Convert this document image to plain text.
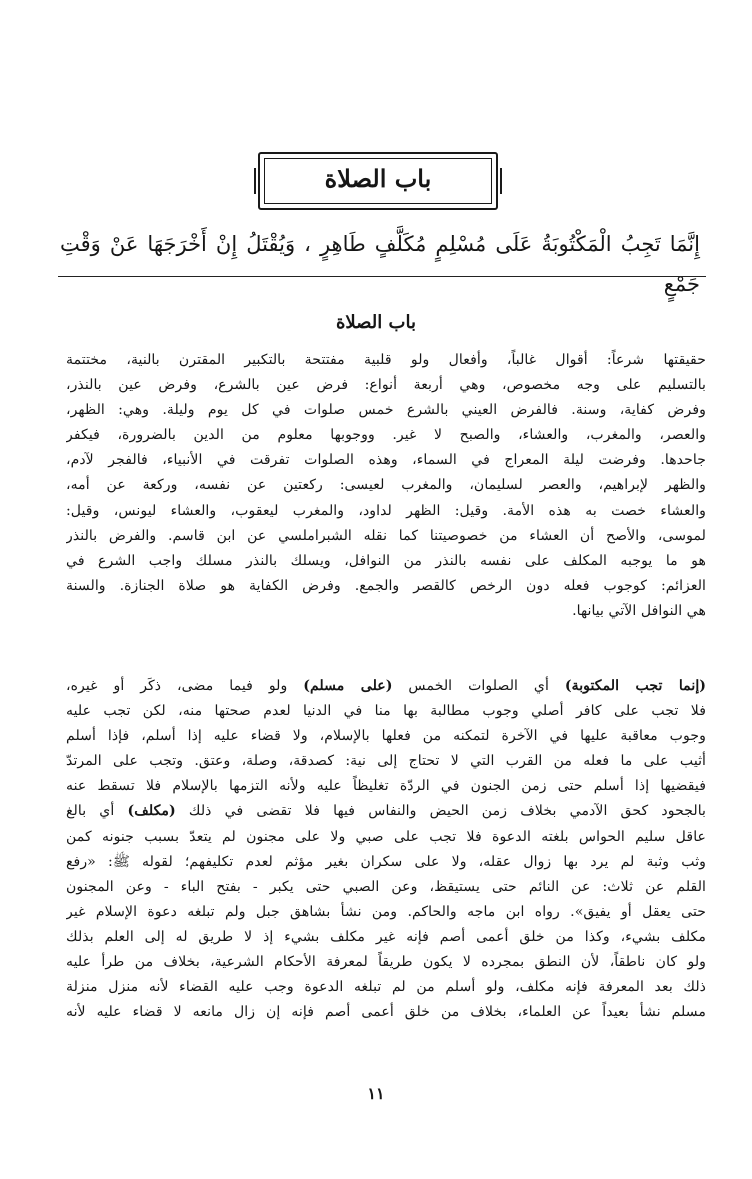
باب الصلاة
إِنَّمَا تَجِبُ الْمَكْتُوبَةُ عَلَى مُسْلِمٍ مُكَلَّفٍ طَاهِرٍ ، وَيُقْتَلُ إِنْ أَخْرَجَهَا عَنْ وَقْتِ جَمْعٍ
باب الصلاة
حقيقتها شرعاً: أقوال غالباً، وأفعال ولو قلبية مفتتحة بالتكبير المقترن بالنية، مختتمة
بالتسليم على وجه مخصوص، وهي أربعة أنواع: فرض عين بالشرع، وفرض عين بالنذر،
وفرض كفاية، وسنة. فالفرض العيني بالشرع خمس صلوات في كل يوم وليلة. وهي: الظهر،
والعصر، والمغرب، والعشاء، والصبح لا غير. ووجوبها معلوم من الدين بالضرورة، فيكفر
جاحدها. وفرضت ليلة المعراج في السماء، وهذه الصلوات تفرقت في الأنبياء، فالفجر لآدم،
والظهر لإبراهيم، والعصر لسليمان، والمغرب لعيسى: ركعتين عن نفسه، وركعة عن أمه،
والعشاء خصت به هذه الأمة. وقيل: الظهر لداود، والمغرب ليعقوب، والعشاء ليونس، وقيل:
لموسى، والأصح أن العشاء من خصوصيتنا كما نقله الشبراملسي عن ابن قاسم. والفرض بالنذر
هو ما يوجبه المكلف على نفسه بالنذر من النوافل، ويسلك بالنذر مسلك واجب الشرع في
العزائم: كوجوب فعله دون الرخص كالقصر والجمع. وفرض الكفاية هو صلاة الجنازة. والسنة
هي النوافل الآتي بيانها.
(إنما تجب المكتوبة) أي الصلوات الخمس (على مسلم) ولو فيما مضى، ذكَر أو غيره،
فلا تجب على كافر أصلي وجوب مطالبة بها منا في الدنيا لعدم صحتها منه، لكن تجب عليه
وجوب معاقبة عليها في الآخرة لتمكنه من فعلها بالإسلام، ولا قضاء عليه إذا أسلم، فإذا أسلم
أثيب على ما فعله من القرب التي لا تحتاج إلى نية: كصدقة، وصلة، وعتق. وتجب على المرتدّ
فيقضيها إذا أسلم حتى زمن الجنون في الردّة تغليظاً عليه ولأنه التزمها بالإسلام فلا تسقط عنه
بالجحود كحق الآدمي بخلاف زمن الحيض والنفاس فيها فلا تقضى في ذلك (مكلف) أي بالغ
عاقل سليم الحواس بلغته الدعوة فلا تجب على صبي ولا على مجنون لم يتعدّ بسبب جنونه كمن
وثب وثبة لم يرد بها زوال عقله، ولا على سكران بغير مؤثم لعدم تكليفهم؛ لقوله ﷺ: «رفع
القلم عن ثلاث: عن النائم حتى يستيقظ، وعن الصبي حتى يكبر - بفتح الباء - وعن المجنون
حتى يعقل أو يفيق». رواه ابن ماجه والحاكم. ومن نشأ بشاهق جبل ولم تبلغه دعوة الإسلام غير
مكلف بشيء، وكذا من خلق أعمى أصم فإنه غير مكلف بشيء إذ لا طريق له إلى العلم بذلك
ولو كان ناطقاً، لأن النطق بمجرده لا يكون طريقاً لمعرفة الأحكام الشرعية، بخلاف من طرأ عليه
ذلك بعد المعرفة فإنه مكلف، ولو أسلم من لم تبلغه الدعوة وجب عليه القضاء لأنه منزل منزلة
مسلم نشأ بعيداً عن العلماء، بخلاف من خلق أعمى أصم فإنه إن زال مانعه لا قضاء عليه لأنه
١١
